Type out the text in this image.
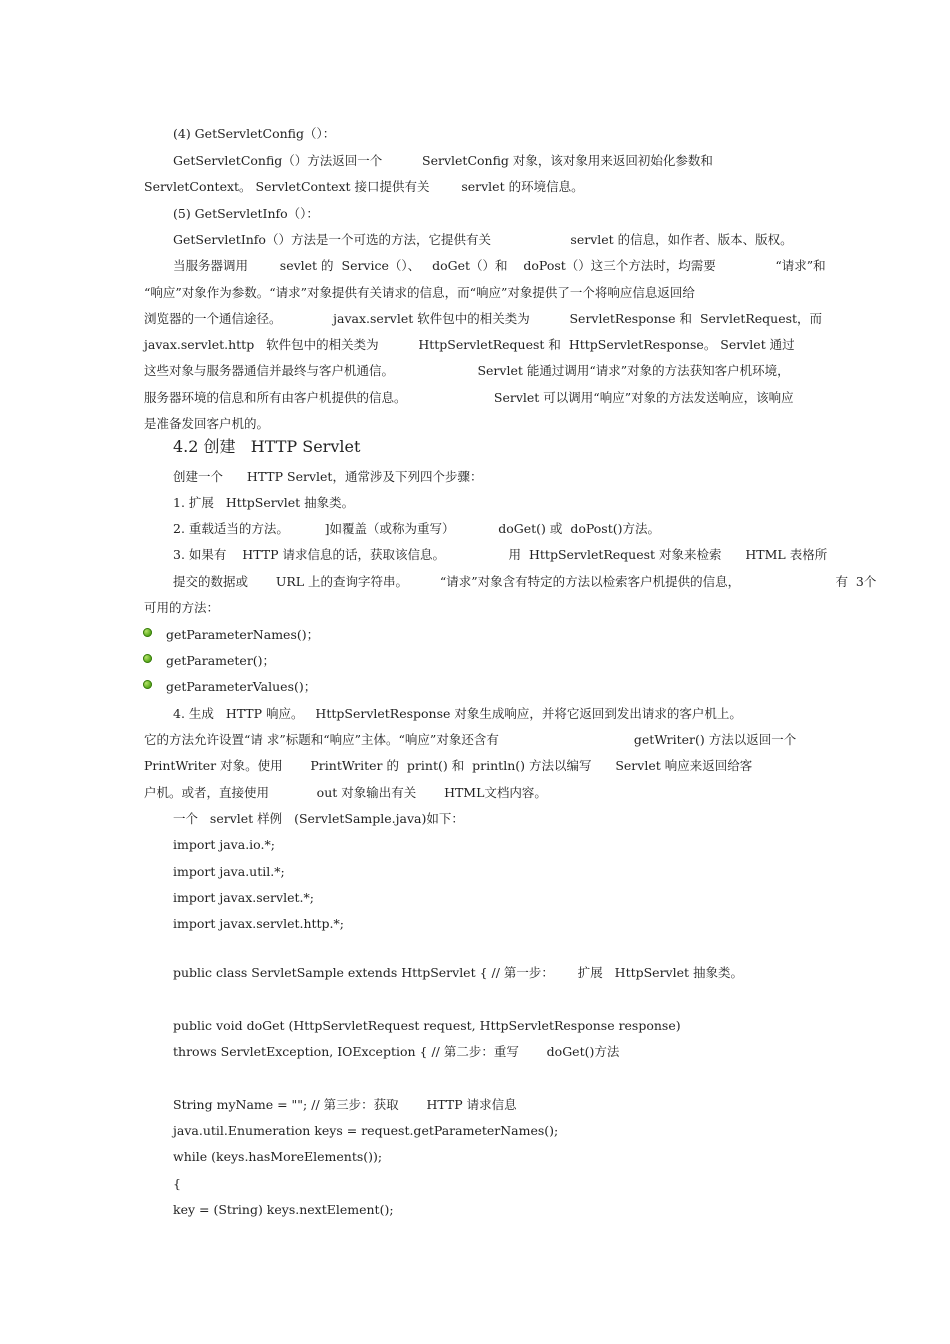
(4) GetServletConfig（）：
GetServletConfig（）方法返回一个          ServletConfig 对象，该对象用来返回初始化参数和
ServletContext。 ServletContext 接口提供有关        servlet 的环境信息。
(5) GetServletInfo（）：
GetServletInfo（）方法是一个可选的方法，它提供有关                    servlet 的信息，如作者、版本、版权。
当服务器调用        sevlet 的  Service（）、   doGet（）和    doPost（）这三个方法时，均需要               “请求”和
“响应”对象作为参数。“请求”对象提供有关请求的信息，而“响应”对象提供了一个将响应信息返回给
浏览器的一个通信途径。             javax.servlet 软件包中的相关类为          ServletResponse 和  ServletRequest，而
javax.servlet.http   软件包中的相关类为          HttpServletRequest 和  HttpServletResponse。 Servlet 通过
这些对象与服务器通信并最终与客户机通信。                     Servlet 能通过调用“请求”对象的方法获知客户机环境，
服务器环境的信息和所有由客户机提供的信息。                      Servlet 可以调用“响应”对象的方法发送响应，该响应
是准备发回客户机的。
4.2 创建   HTTP Servlet
创建一个      HTTP Servlet，通常涉及下列四个步骤：
1. 扩展   HttpServlet 抽象类。
2. 重载适当的方法。         ]如覆盖（或称为重写）           doGet() 或  doPost()方法。
3. 如果有    HTTP 请求信息的话，获取该信息。                用  HttpServletRequest 对象来检索      HTML 表格所
提交的数据或       URL 上的查询字符串。        “请求”对象含有特定的方法以检索客户机提供的信息，                        有  3个
可用的方法：
getParameterNames()；
getParameter()；
getParameterValues()；
4. 生成   HTTP 响应。   HttpServletResponse 对象生成响应，并将它返回到发出请求的客户机上。
它的方法允许设置“请 求”标题和“响应”主体。“响应”对象还含有                                  getWriter() 方法以返回一个
PrintWriter 对象。使用       PrintWriter 的  print() 和  println() 方法以编写      Servlet 响应来返回给客
户机。或者，直接使用            out 对象输出有关       HTML文档内容。
一个   servlet 样例   (ServletSample.java)如下：
import java.io.*;
import java.util.*;
import javax.servlet.*;
import javax.servlet.http.*;
public class ServletSample extends HttpServlet { // 第一步：      扩展   HttpServlet 抽象类。
public void doGet (HttpServletRequest request, HttpServletResponse response)
throws ServletException, IOException { // 第二步：重写       doGet()方法
String myName = ""; // 第三步：获取       HTTP 请求信息
java.util.Enumeration keys = request.getParameterNames();
while (keys.hasMoreElements());
{
key = (String) keys.nextElement();
